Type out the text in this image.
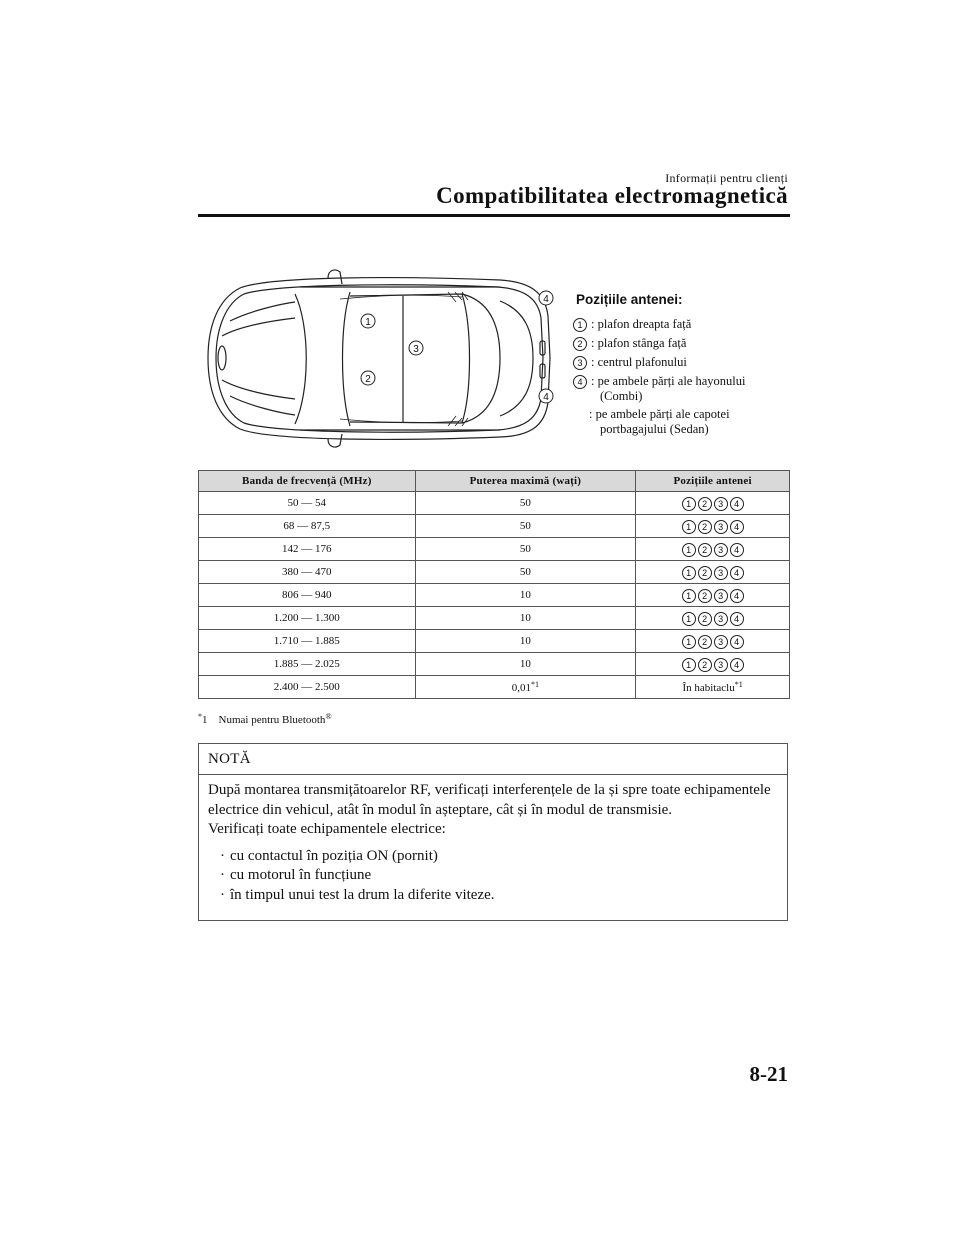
Informații pentru clienți
Compatibilitatea electromagnetică
1
2
3
4
4
Pozițiile antenei:
1 : plafon dreapta față
2 : plafon stânga față
3 : centrul plafonului
4 : pe ambele părți ale hayonului
(Combi)
: pe ambele părți ale capotei
portbagajului (Sedan)
Banda de frecvență (MHz)	Puterea maximă (wați)	Pozițiile antenei
50 ― 54	50	1 2 3 4

68 ― 87,5	50	1 2 3 4

142 ― 176	50	1 2 3 4

380 ― 470	50	1 2 3 4

806 ― 940	10	1 2 3 4

1.200 ― 1.300	10	1 2 3 4

1.710 ― 1.885	10	1 2 3 4

1.885 ― 2.025	10	1 2 3 4

2.400 ― 2.500	0,01$^{*1}$	În habitaclu$^{*1}$
*1 Numai pentru Bluetooth®
NOTĂ

După montarea transmițătoarelor RF, verificați interferențele de la și spre toate echipamentele electrice din vehicul, atât în modul în așteptare, cât și în modul de transmisie.

Verificați toate echipamentele electrice:

· cu contactul în poziția ON (pornit)
· cu motorul în funcțiune
· în timpul unui test la drum la diferite viteze.
8-21
